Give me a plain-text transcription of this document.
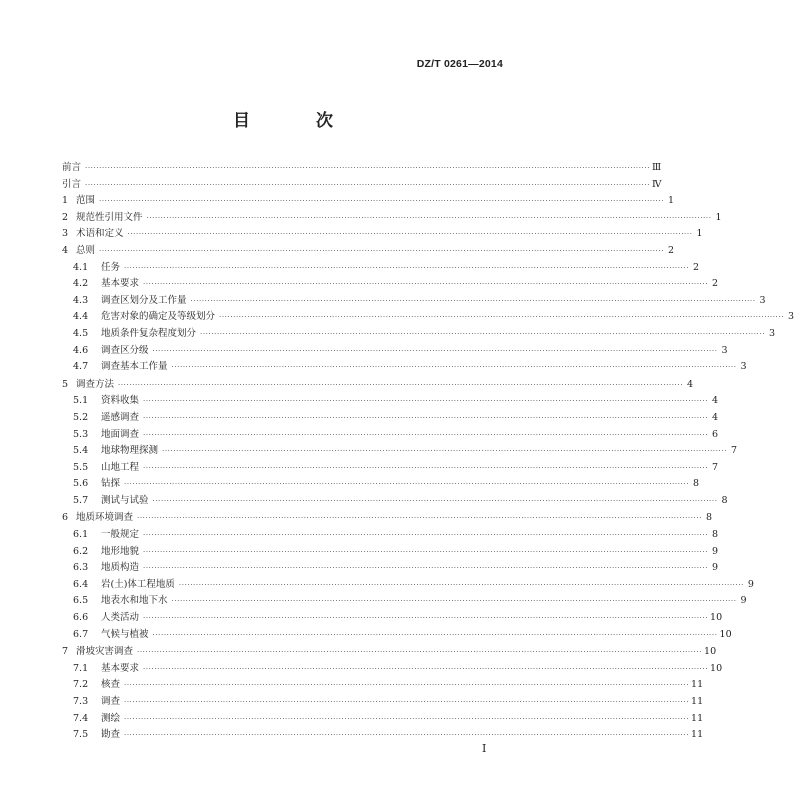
DZ/T 0261—2014
目 次
前言 ········································································································································································································ Ⅲ
引言 ········································································································································································································ Ⅳ
1 范围 ········································································································································································································ 1
2 规范性引用文件 ········································································································································································································ 1
3 术语和定义 ········································································································································································································ 1
4 总则 ········································································································································································································ 2
4.1	任务 ········································································································································································································ 2
4.2	基本要求 ········································································································································································································ 2
4.3	调查区划分及工作量 ········································································································································································································ 3
4.4	危害对象的确定及等级划分 ········································································································································································································ 3
4.5	地质条件复杂程度划分 ········································································································································································································ 3
4.6	调查区分级 ········································································································································································································ 3
4.7	调查基本工作量 ········································································································································································································ 3
5 调查方法 ········································································································································································································ 4
5.1	资料收集 ········································································································································································································ 4
5.2	遥感调查 ········································································································································································································ 4
5.3	地面调查 ········································································································································································································ 6
5.4	地球物理探测 ········································································································································································································ 7
5.5	山地工程 ········································································································································································································ 7
5.6	钻探 ········································································································································································································ 8
5.7	测试与试验 ········································································································································································································ 8
6 地质环境调查 ········································································································································································································ 8
6.1	一般规定 ········································································································································································································ 8
6.2	地形地貌 ········································································································································································································ 9
6.3	地质构造 ········································································································································································································ 9
6.4	岩(土)体工程地质 ········································································································································································································ 9
6.5	地表水和地下水 ········································································································································································································ 9
6.6	人类活动 ········································································································································································································ 10
6.7	气候与植被 ········································································································································································································ 10
7 滑坡灾害调查 ········································································································································································································ 10
7.1	基本要求 ········································································································································································································ 10
7.2	核查 ········································································································································································································ 11
7.3	调查 ········································································································································································································ 11
7.4	测绘 ········································································································································································································ 11
7.5	勘查 ········································································································································································································ 11
I
